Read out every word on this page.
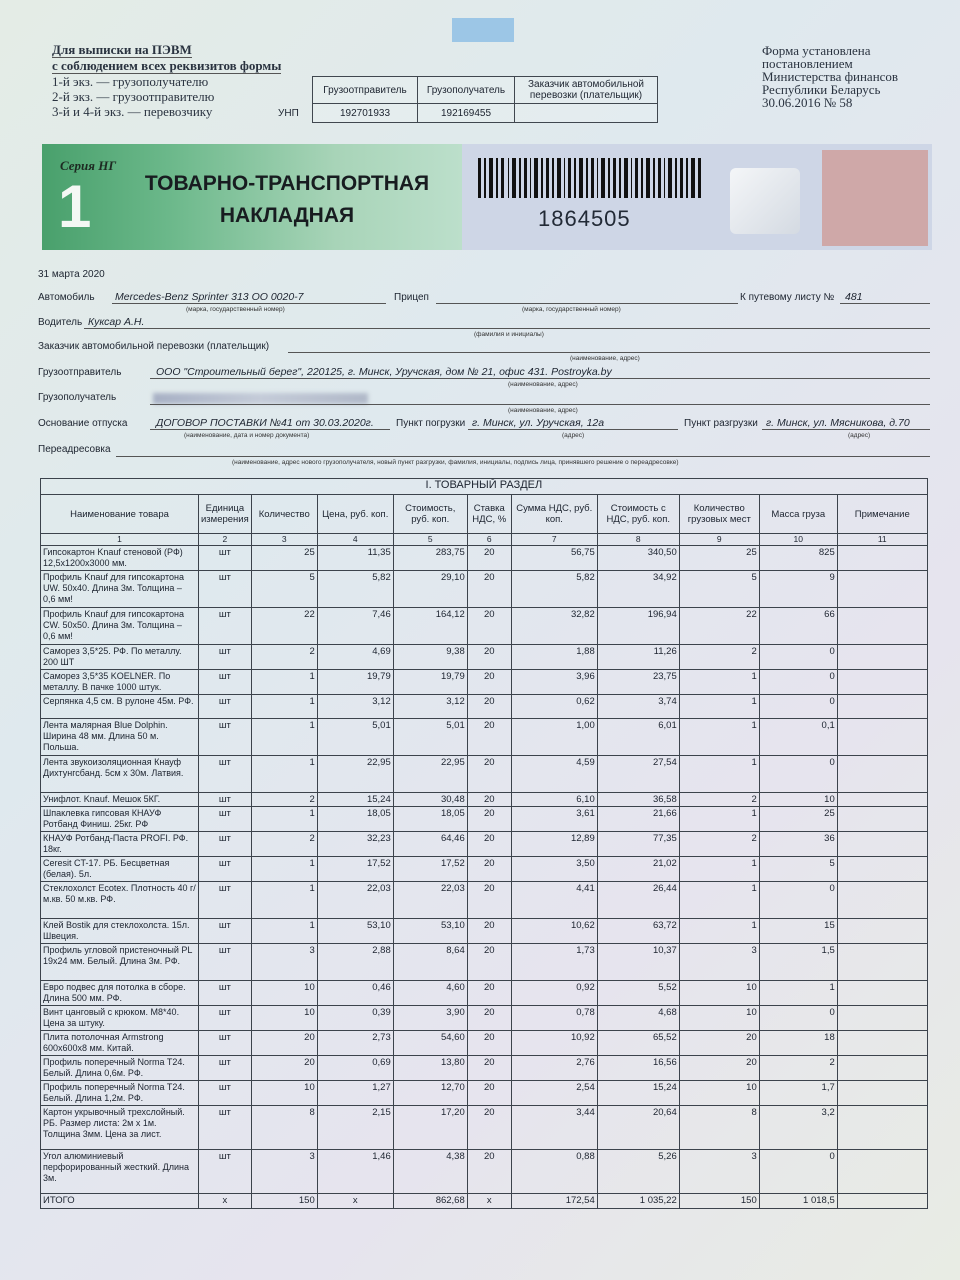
Для выписки на ПЭВМ
с соблюдением всех реквизитов формы
1-й экз. — грузополучателю
2-й экз. — грузоотправителю
3-й и 4-й экз. — перевозчику	УНП
Грузоотправитель	Грузополучатель	Заказчик автомобильной перевозки (плательщик)
192701933	192169455	
Форма установлена
постановлением
Министерства финансов
Республики Беларусь
30.06.2016 № 58
Серия НГ
1	ТОВАРНО-ТРАНСПОРТНАЯ
НАКЛАДНАЯ	1864505
31 марта 2020
Автомобиль Mercedes-Benz Sprinter 313 OO 0020-7
(марка, государственный номер)
Прицеп
(марка, государственный номер)
К путевому листу № 481
Водитель Куксар А.Н.
(фамилия и инициалы)
Заказчик автомобильной перевозки (плательщик)
(наименование, адрес)
Грузоотправитель	ООО "Строительный берег", 220125, г. Минск, Уручская, дом № 21, офис 431. Postroyka.by
(наименование, адрес)
Грузополучатель
(наименование, адрес)
Основание отпуска	ДОГОВОР ПОСТАВКИ №41 от 30.03.2020г.
(наименование, дата и номер документа)
Пункт погрузки г. Минск, ул. Уручская, 12а
(адрес)
Пункт разгрузки г. Минск, ул. Мясникова, д.70
(адрес)
Переадресовка
(наименование, адрес нового грузополучателя, новый пункт разгрузки, фамилия, инициалы, подпись лица, принявшего решение о переадресовке)
I. ТОВАРНЫЙ РАЗДЕЛ										
Наименование товара	Единица измерения	Количество	Цена, руб. коп.	Стоимость, руб. коп.	Ставка НДС, %	Сумма НДС, руб. коп.	Стоимость с НДС, руб. коп.	Количество грузовых мест	Масса груза	Примечание
1	2	3	4	5	6	7	8	9	10	11
Гипсокартон Knauf стеновой (РФ) 12,5х1200х3000 мм.	шт	25	11,35	283,75	20	56,75	340,50	25	825	
Профиль Knauf для гипсокартона UW. 50х40. Длина 3м. Толщина – 0,6 мм!	шт	5	5,82	29,10	20	5,82	34,92	5	9	
Профиль Knauf для гипсокартона CW. 50х50. Длина 3м. Толщина – 0,6 мм!	шт	22	7,46	164,12	20	32,82	196,94	22	66	
Саморез 3,5*25. РФ. По металлу. 200 ШТ	шт	2	4,69	9,38	20	1,88	11,26	2	0	
Саморез 3,5*35 KOELNER. По металлу. В пачке 1000 штук.	шт	1	19,79	19,79	20	3,96	23,75	1	0	
Серпянка 4,5 см. В рулоне 45м. РФ.	шт	1	3,12	3,12	20	0,62	3,74	1	0	
Лента малярная Blue Dolphin. Ширина 48 мм. Длина 50 м. Польша.	шт	1	5,01	5,01	20	1,00	6,01	1	0,1	
Лента звукоизоляционная Кнауф Дихтунгсбанд. 5см х 30м. Латвия.	шт	1	22,95	22,95	20	4,59	27,54	1	0	
Унифлот. Knauf. Мешок 5КГ.	шт	2	15,24	30,48	20	6,10	36,58	2	10	
Шпаклевка гипсовая КНАУФ Ротбанд Финиш. 25кг. РФ	шт	1	18,05	18,05	20	3,61	21,66	1	25	
КНАУФ Ротбанд-Паста PROFI. РФ. 18кг.	шт	2	32,23	64,46	20	12,89	77,35	2	36	
Ceresit CT-17. РБ. Бесцветная (белая). 5л.	шт	1	17,52	17,52	20	3,50	21,02	1	5	
Стеклохолст Ecotex. Плотность 40 г/м.кв. 50 м.кв. РФ.	шт	1	22,03	22,03	20	4,41	26,44	1	0	
Клей Bostik для стеклохолста. 15л. Швеция.	шт	1	53,10	53,10	20	10,62	63,72	1	15	
Профиль угловой пристеночный PL 19х24 мм. Белый. Длина 3м. РФ.	шт	3	2,88	8,64	20	1,73	10,37	3	1,5	
Евро подвес для потолка в сборе. Длина 500 мм. РФ.	шт	10	0,46	4,60	20	0,92	5,52	10	1	
Винт цанговый с крюком. М8*40. Цена за штуку.	шт	10	0,39	3,90	20	0,78	4,68	10	0	
Плита потолочная Armstrong 600х600х8 мм. Китай.	шт	20	2,73	54,60	20	10,92	65,52	20	18	
Профиль поперечный Norma T24. Белый. Длина 0,6м. РФ.	шт	20	0,69	13,80	20	2,76	16,56	20	2	
Профиль поперечный Norma T24. Белый. Длина 1,2м. РФ.	шт	10	1,27	12,70	20	2,54	15,24	10	1,7	
Картон укрывочный трехслойный. РБ. Размер листа: 2м х 1м. Толщина 3мм. Цена за лист.	шт	8	2,15	17,20	20	3,44	20,64	8	3,2	
Угол алюминиевый перфорированный жесткий. Длина 3м.	шт	3	1,46	4,38	20	0,88	5,26	3	0	
ИТОГО	х	150	х	862,68	х	172,54	1 035,22	150	1 018,5	
